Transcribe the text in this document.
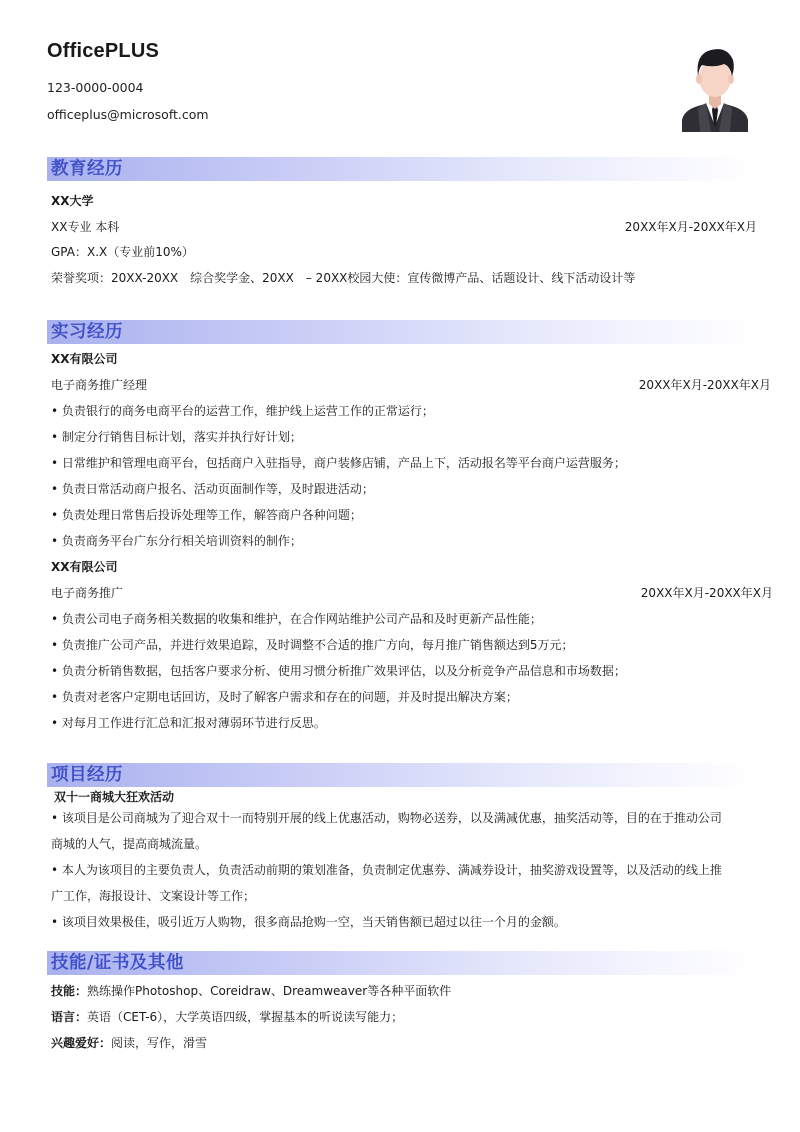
OfficePLUS
123-0000-0004
officeplus@microsoft.com
教育经历
XX大学
XX专业 本科	20XX年X月-20XX年X月
GPA：X.X（专业前10%）
荣誉奖项：20XX-20XX　综合奖学金、20XX　– 20XX校园大使：宣传微博产品、话题设计、线下活动设计等
实习经历
XX有限公司
电子商务推广经理	20XX年X月-20XX年X月
• 负责银行的商务电商平台的运营工作，维护线上运营工作的正常运行；
• 制定分行销售目标计划，落实并执行好计划；
• 日常维护和管理电商平台，包括商户入驻指导，商户装修店铺，产品上下，活动报名等平台商户运营服务；
• 负责日常活动商户报名、活动页面制作等，及时跟进活动；
• 负责处理日常售后投诉处理等工作，解答商户各种问题；
• 负责商务平台广东分行相关培训资料的制作；
XX有限公司
电子商务推广	20XX年X月-20XX年X月
• 负责公司电子商务相关数据的收集和维护，在合作网站维护公司产品和及时更新产品性能；
• 负责推广公司产品，并进行效果追踪，及时调整不合适的推广方向，每月推广销售额达到5万元；
• 负责分析销售数据，包括客户要求分析、使用习惯分析推广效果评估，以及分析竞争产品信息和市场数据；
• 负责对老客户定期电话回访，及时了解客户需求和存在的问题，并及时提出解决方案；
• 对每月工作进行汇总和汇报对薄弱环节进行反思。
项目经历
双十一商城大狂欢活动
• 该项目是公司商城为了迎合双十一而特别开展的线上优惠活动，购物必送券，以及满减优惠，抽奖活动等，目的在于推动公司
商城的人气，提高商城流量。
• 本人为该项目的主要负责人，负责活动前期的策划准备，负责制定优惠券、满减券设计，抽奖游戏设置等，以及活动的线上推
广工作，海报设计、文案设计等工作；
• 该项目效果极佳，吸引近万人购物，很多商品抢购一空，当天销售额已超过以往一个月的金额。
技能/证书及其他
技能：熟练操作Photoshop、Coreidraw、Dreamweaver等各种平面软件
语言：英语（CET-6），大学英语四级，掌握基本的听说读写能力；
兴趣爱好：阅读，写作，滑雪
